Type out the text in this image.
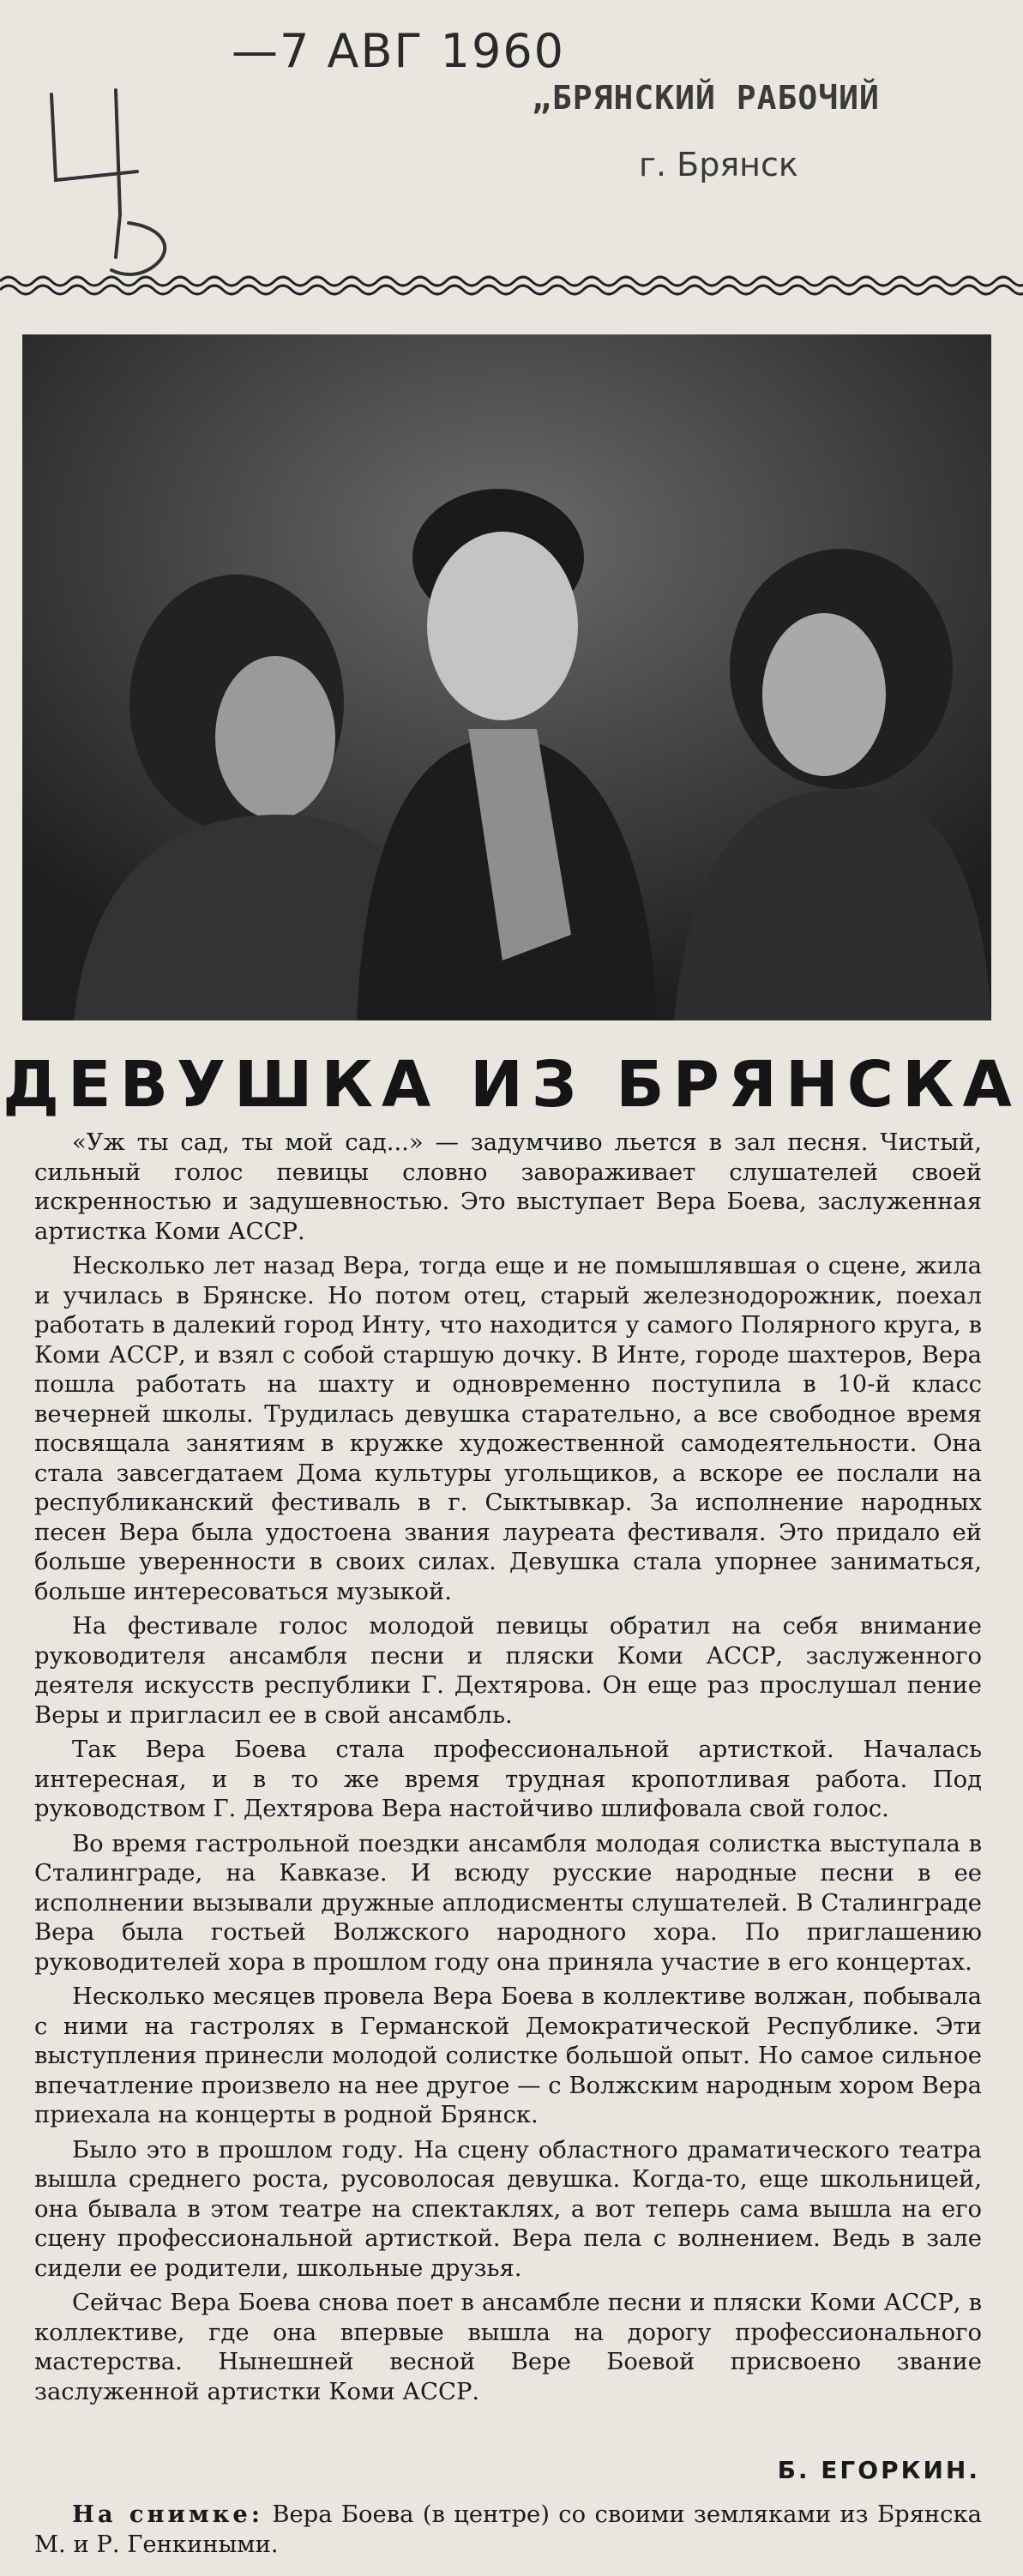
—7 АВГ 1960
„БРЯНСКИЙ РАБОЧИЙ
г. Брянск
ДЕВУШКА ИЗ БРЯНСКА

«Уж ты сад, ты мой сад...» — задумчиво льется в зал песня. Чистый, сильный голос певицы словно завораживает слушателей своей искренностью и задушевностью. Это выступает Вера Боева, заслуженная артистка Коми АССР.

Несколько лет назад Вера, тогда еще и не помышлявшая о сцене, жила и училась в Брянске. Но потом отец, старый железнодорожник, поехал работать в далекий город Инту, что находится у самого Полярного круга, в Коми АССР, и взял с собой старшую дочку. В Инте, городе шахтеров, Вера пошла работать на шахту и одновременно поступила в 10-й класс вечерней школы. Трудилась девушка старательно, а все свободное время посвящала занятиям в кружке художественной самодеятельности. Она стала завсегдатаем Дома культуры угольщиков, а вскоре ее послали на республиканский фестиваль в г. Сыктывкар. За исполнение народных песен Вера была удостоена звания лауреата фестиваля. Это придало ей больше уверенности в своих силах. Девушка стала упорнее заниматься, больше интересоваться музыкой.

На фестивале голос молодой певицы обратил на себя внимание руководителя ансамбля песни и пляски Коми АССР, заслуженного деятеля искусств республики Г. Дехтярова. Он еще раз прослушал пение Веры и пригласил ее в свой ансамбль.

Так Вера Боева стала профессиональной артисткой. Началась интересная, и в то же время трудная кропотливая работа. Под руководством Г. Дехтярова Вера настойчиво шлифовала свой голос.

Во время гастрольной поездки ансамбля молодая солистка выступала в Сталинграде, на Кавказе. И всюду русские народные песни в ее исполнении вызывали дружные аплодисменты слушателей. В Сталинграде Вера была гостьей Волжского народного хора. По приглашению руководителей хора в прошлом году она приняла участие в его концертах.

Несколько месяцев провела Вера Боева в коллективе волжан, побывала с ними на гастролях в Германской Демократической Республике. Эти выступления принесли молодой солистке большой опыт. Но самое сильное впечатление произвело на нее другое — с Волжским народным хором Вера приехала на концерты в родной Брянск.

Было это в прошлом году. На сцену областного драматического театра вышла среднего роста, русоволосая девушка. Когда-то, еще школьницей, она бывала в этом театре на спектаклях, а вот теперь сама вышла на его сцену профессиональной артисткой. Вера пела с волнением. Ведь в зале сидели ее родители, школьные друзья.

Сейчас Вера Боева снова поет в ансамбле песни и пляски Коми АССР, в коллективе, где она впервые вышла на дорогу профессионального мастерства. Нынешней весной Вере Боевой присвоено звание заслуженной артистки Коми АССР.

Б. ЕГОРКИН.
На снимке: Вера Боева (в центре) со своими земляками из Брянска М. и Р. Генкиными.
